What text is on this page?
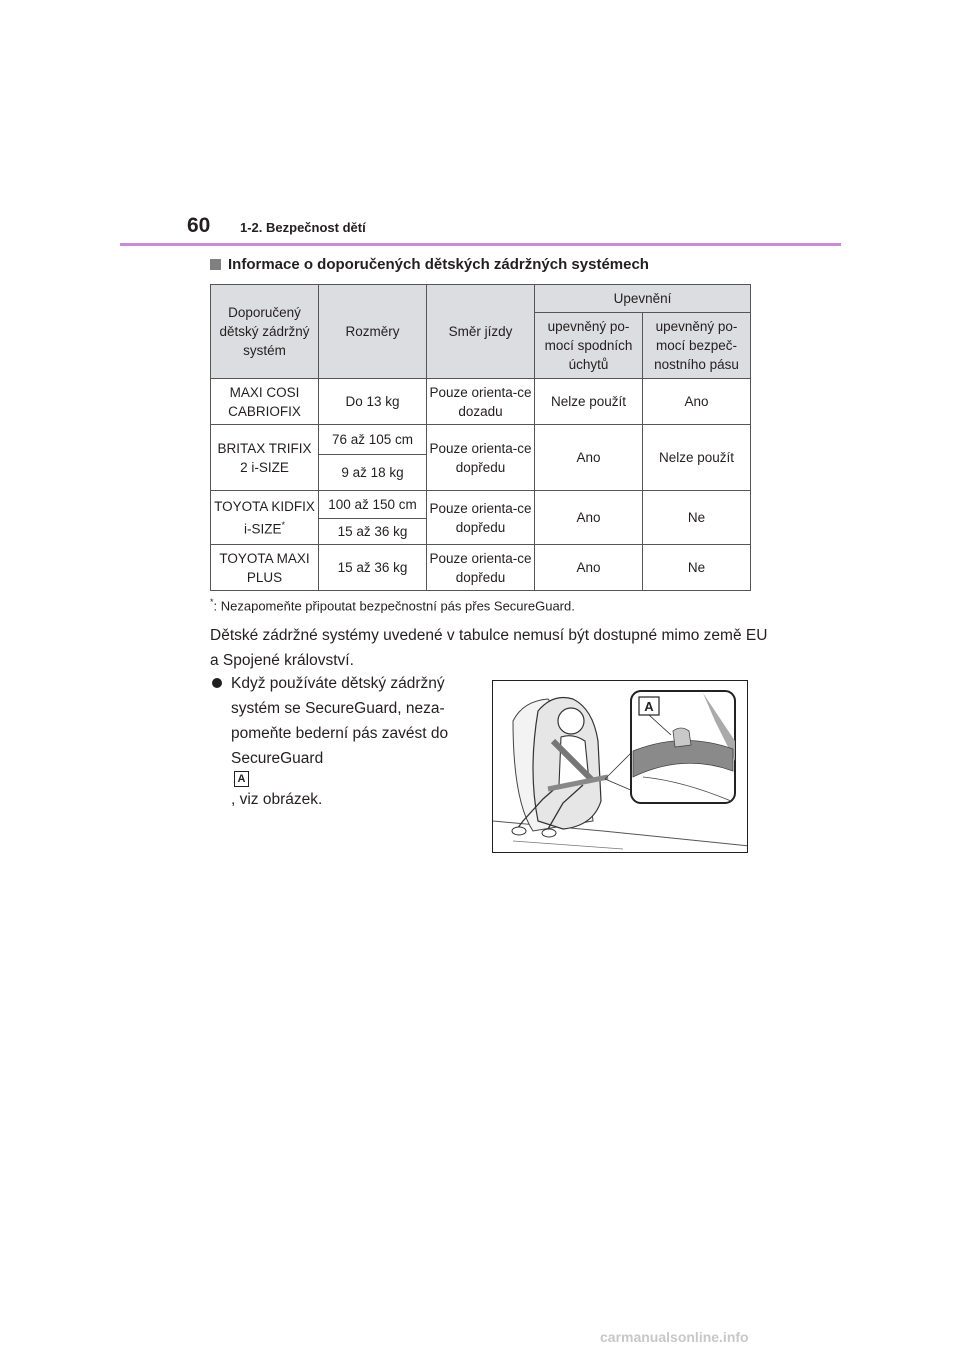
60 1-2. Bezpečnost dětí
Informace o doporučených dětských zádržných systémech
Doporučený dětský zádržný systém	Rozměry	Směr jízdy	Upevnění	
			upevněný po-mocí spodních úchytů	upevněný po-mocí bezpeč-nostního pásu
MAXI COSI CABRIOFIX	Do 13 kg	Pouze orienta-ce dozadu	Nelze použít	Ano
BRITAX TRIFIX 2 i-SIZE	76 až 105 cm	Pouze orienta-ce dopředu	Ano	Nelze použít
	9 až 18 kg			
TOYOTA KIDFIX i-SIZE*	100 až 150 cm	Pouze orienta-ce dopředu	Ano	Ne
	15 až 36 kg			
TOYOTA MAXI PLUS	15 až 36 kg	Pouze orienta-ce dopředu	Ano	Ne
*: Nezapomeňte připoutat bezpečnostní pás přes SecureGuard.
Dětské zádržné systémy uvedené v tabulce nemusí být dostupné mimo země EU a Spojené království.
Když používáte dětský zádržný
systém se SecureGuard, neza-
pomeňte bederní pás zavést do
SecureGuard
A
, viz obrázek.
A
carmanualsonline.info
